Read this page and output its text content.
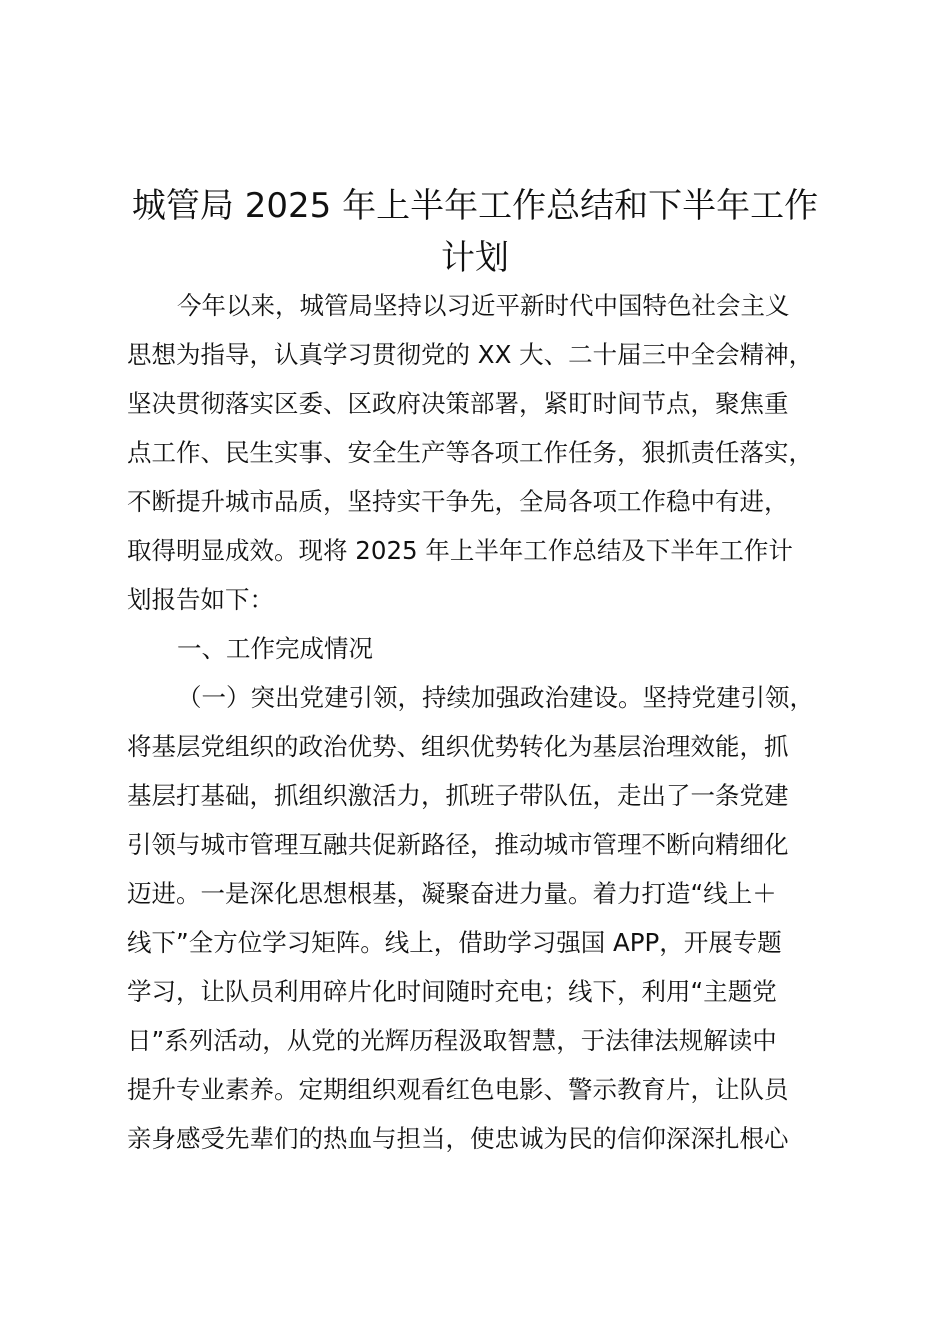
城管局 2025 年上半年工作总结和下半年工作
计划
今年以来，城管局坚持以习近平新时代中国特色社会主义
思想为指导，认真学习贯彻党的 XX 大、二十届三中全会精神，
坚决贯彻落实区委、区政府决策部署，紧盯时间节点，聚焦重
点工作、民生实事、安全生产等各项工作任务，狠抓责任落实，
不断提升城市品质，坚持实干争先，全局各项工作稳中有进，
取得明显成效。现将 2025 年上半年工作总结及下半年工作计
划报告如下：
一、工作完成情况
（一）突出党建引领，持续加强政治建设。坚持党建引领，
将基层党组织的政治优势、组织优势转化为基层治理效能，抓
基层打基础，抓组织激活力，抓班子带队伍，走出了一条党建
引领与城市管理互融共促新路径，推动城市管理不断向精细化
迈进。一是深化思想根基，凝聚奋进力量。着力打造“线上＋
线下”全方位学习矩阵。线上，借助学习强国 APP，开展专题
学习，让队员利用碎片化时间随时充电；线下，利用“主题党
日”系列活动，从党的光辉历程汲取智慧，于法律法规解读中
提升专业素养。定期组织观看红色电影、警示教育片，让队员
亲身感受先辈们的热血与担当，使忠诚为民的信仰深深扎根心
